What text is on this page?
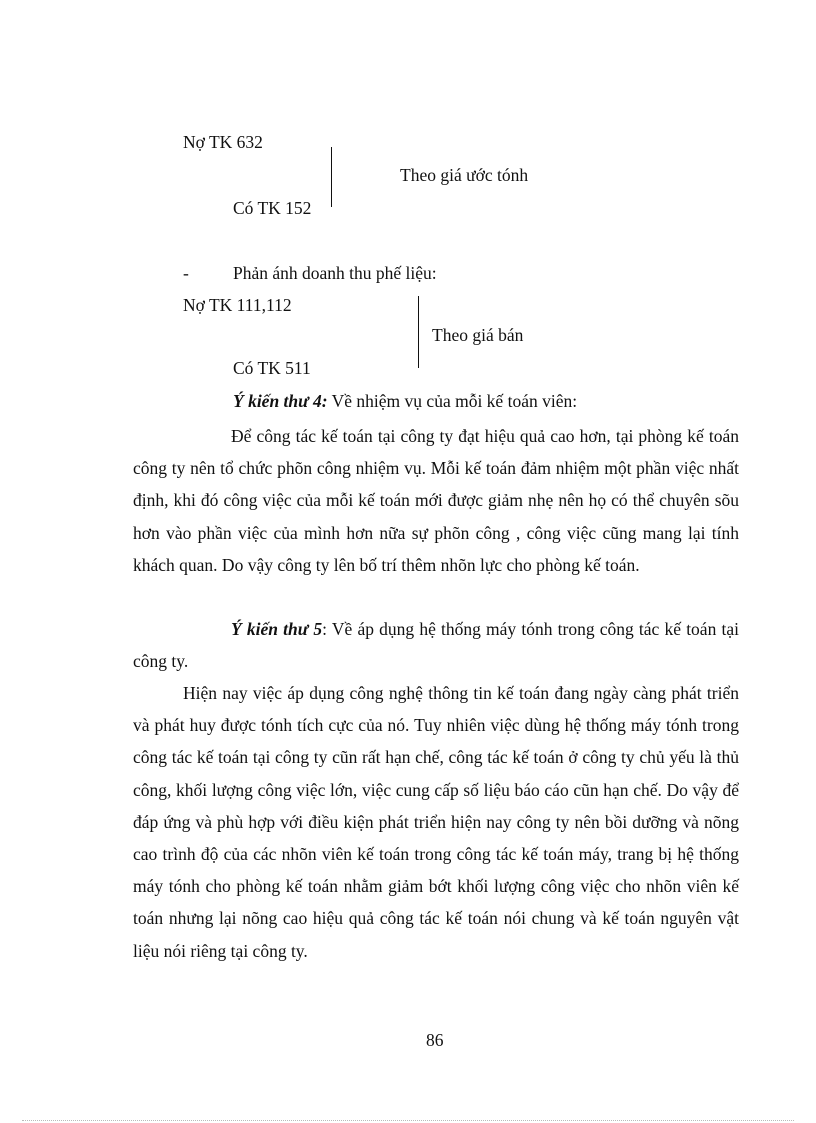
Nợ TK 632
Theo giá ước tónh
Có TK 152
-	Phản ánh doanh thu phế liệu:
Nợ TK 111,112
Theo giá bán
Có TK 511
Ý kiến thư 4: Về nhiệm vụ của mỗi kế toán viên:
Để công tác kế toán tại công ty đạt hiệu quả cao hơn, tại phòng kế toán công ty nên tổ chức phõn công nhiệm vụ. Mỗi kế toán đảm nhiệm một phần việc nhất định, khi đó công việc của mỗi kế toán mới được giảm nhẹ nên họ có thể chuyên sõu hơn vào phần việc của mình hơn nữa sự phõn công , công việc cũng mang lại tính khách quan. Do vậy công ty lên bố trí thêm nhõn lực cho phòng kế toán.
Ý kiến thư 5: Về áp dụng hệ thống máy tónh trong công tác kế toán tại công ty.
Hiện nay việc áp dụng công nghệ thông tin kế toán đang ngày càng phát triển và phát huy được tónh tích cực của nó. Tuy nhiên việc dùng hệ thống máy tónh trong công tác kế toán tại công ty cũn rất hạn chế, công tác kế toán ở công ty chủ yếu là thủ công, khối lượng công việc lớn, việc cung cấp số liệu báo cáo cũn hạn chế. Do vậy để đáp ứng và phù hợp với điều kiện phát triển hiện nay công ty nên bồi dưỡng và nõng cao trình độ của các nhõn viên kế toán trong công tác kế toán máy, trang bị hệ thống máy tónh cho phòng kế toán nhằm giảm bớt khối lượng công việc cho nhõn viên kế toán nhưng lại nõng cao hiệu quả công tác kế toán nói chung và kế toán nguyên vật liệu nói riêng tại công ty.
86
